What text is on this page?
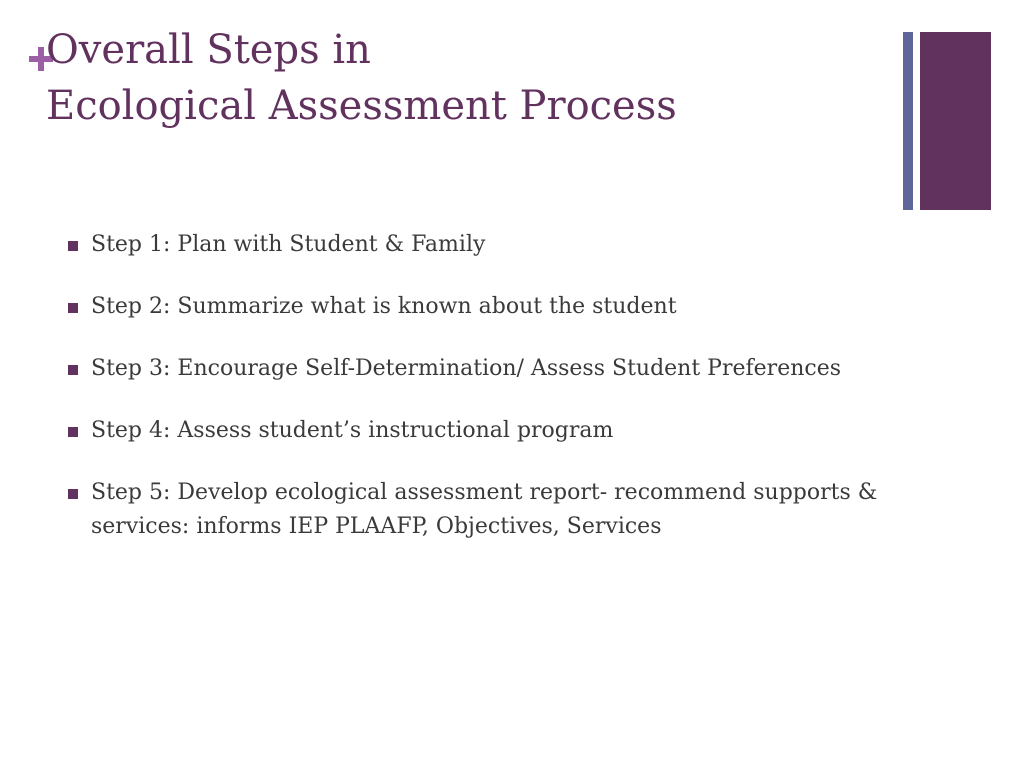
Overall Steps in
Ecological Assessment Process
Step 1: Plan with Student & Family
Step 2: Summarize what is known about the student
Step 3: Encourage Self-Determination/ Assess Student Preferences
Step 4: Assess student’s instructional program
Step 5: Develop ecological assessment report- recommend supports & services: informs IEP PLAAFP, Objectives, Services
